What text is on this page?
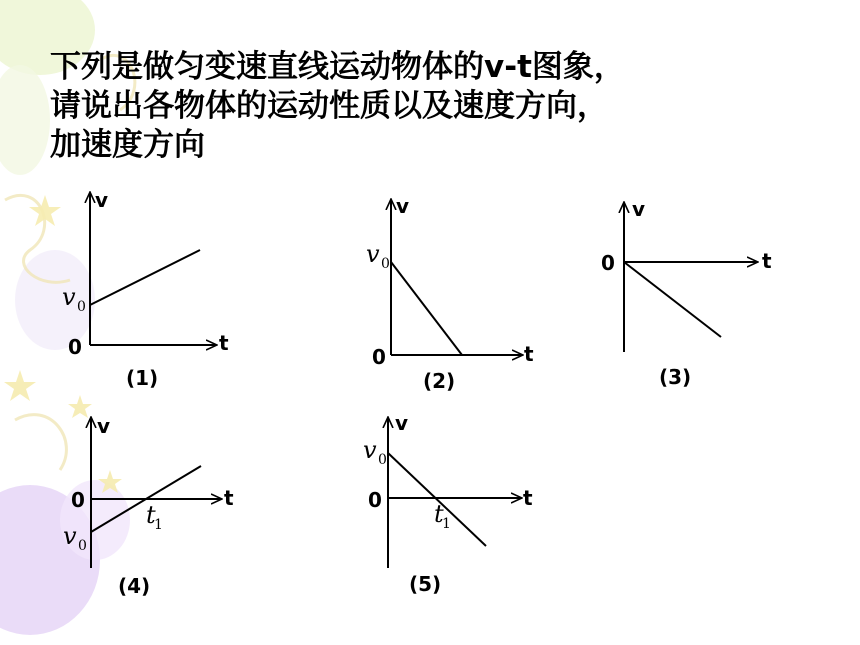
下列是做匀变速直线运动物体的v-t图象，
请说出各物体的运动性质以及速度方向，
加速度方向
v
t
0
v 0
(1)
v
t
0
v 0
(2)
v
t
0
(3)
v
t
0
v 0
t
1
(4)
v
t
0
v 0
t
1
(5)
